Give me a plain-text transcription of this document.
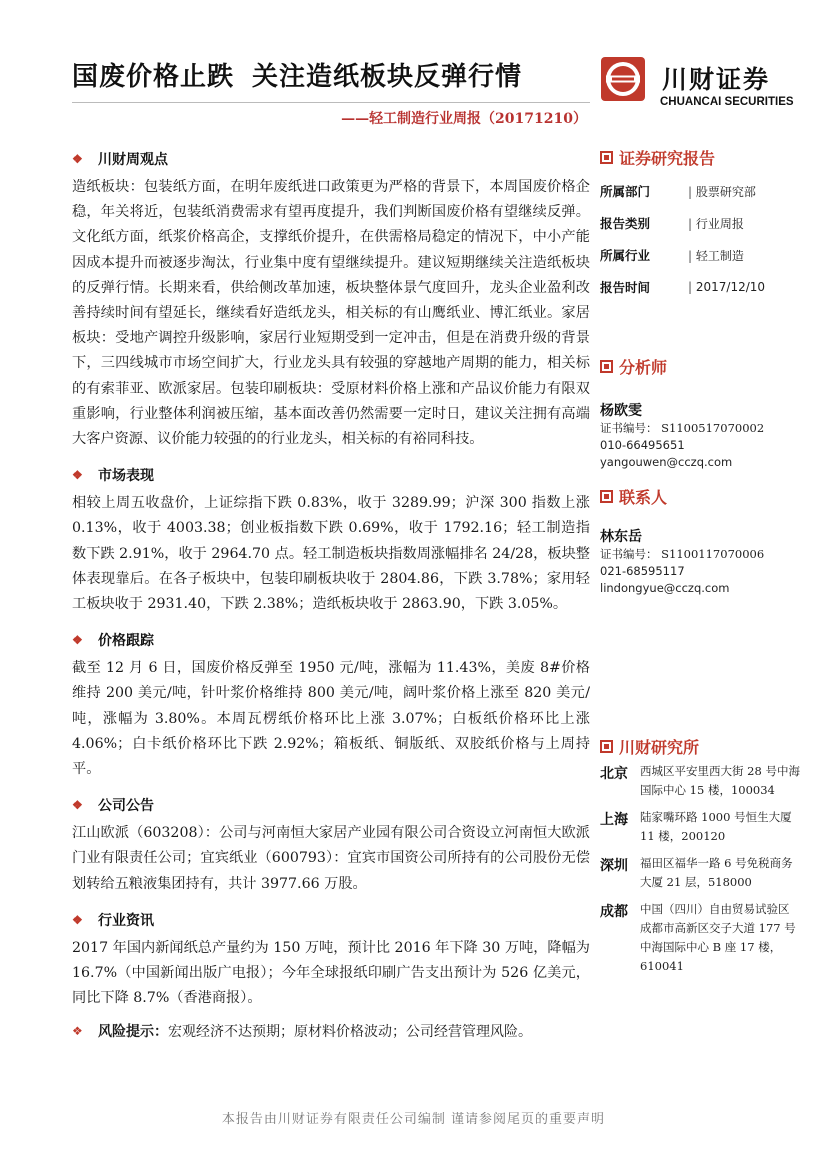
国废价格止跌 关注造纸板块反弹行情
——轻工制造行业周报（20171210）
川财证券
CHUANCAI SECURITIES
❖	川财周观点

造纸板块：包装纸方面，在明年废纸进口政策更为严格的背景下，本周国废价格企稳，年关将近，包装纸消费需求有望再度提升，我们判断国废价格有望继续反弹。文化纸方面，纸浆价格高企，支撑纸价提升，在供需格局稳定的情况下，中小产能因成本提升而被逐步淘汰，行业集中度有望继续提升。建议短期继续关注造纸板块的反弹行情。长期来看，供给侧改革加速，板块整体景气度回升，龙头企业盈利改善持续时间有望延长，继续看好造纸龙头，相关标的有山鹰纸业、博汇纸业。家居板块：受地产调控升级影响，家居行业短期受到一定冲击，但是在消费升级的背景下，三四线城市市场空间扩大，行业龙头具有较强的穿越地产周期的能力，相关标的有索菲亚、欧派家居。包装印刷板块：受原材料价格上涨和产品议价能力有限双重影响，行业整体利润被压缩，基本面改善仍然需要一定时日，建议关注拥有高端大客户资源、议价能力较强的的行业龙头，相关标的有裕同科技。

❖	市场表现

相较上周五收盘价，上证综指下跌 0.83%，收于 3289.99；沪深 300 指数上涨 0.13%，收于 4003.38；创业板指数下跌 0.69%，收于 1792.16；轻工制造指数下跌 2.91%，收于 2964.70 点。轻工制造板块指数周涨幅排名 24/28，板块整体表现靠后。在各子板块中，包装印刷板块收于 2804.86，下跌 3.78%；家用轻工板块收于 2931.40，下跌 2.38%；造纸板块收于 2863.90，下跌 3.05%。

❖	价格跟踪

截至 12 月 6 日，国废价格反弹至 1950 元/吨，涨幅为 11.43%，美废 8#价格维持 200 美元/吨，针叶浆价格维持 800 美元/吨，阔叶浆价格上涨至 820 美元/吨，涨幅为 3.80%。本周瓦楞纸价格环比上涨 3.07%；白板纸价格环比上涨 4.06%；白卡纸价格环比下跌 2.92%；箱板纸、铜版纸、双胶纸价格与上周持平。

❖	公司公告

江山欧派（603208）：公司与河南恒大家居产业园有限公司合资设立河南恒大欧派门业有限责任公司；宜宾纸业（600793）：宜宾市国资公司所持有的公司股份无偿划转给五粮液集团持有，共计 3977.66 万股。

❖	行业资讯

2017 年国内新闻纸总产量约为 150 万吨，预计比 2016 年下降 30 万吨，降幅为 16.7%（中国新闻出版广电报）；今年全球报纸印刷广告支出预计为 526 亿美元，同比下降 8.7%（香港商报）。

❖	风险提示： 宏观经济不达预期；原材料价格波动；公司经营管理风险。
证券研究报告
所属部门	| 股票研究部
报告类别	| 行业周报
所属行业	| 轻工制造
报告时间	| 2017/12/10
分析师
杨欧雯
证书编号： S1100517070002
010-66495651
yangouwen@cczq.com
联系人
林东岳
证书编号： S1100117070006
021-68595117
lindongyue@cczq.com
川财研究所
北京	西城区平安里西大街 28 号中海国际中心 15 楼，100034
上海	陆家嘴环路 1000 号恒生大厦 11 楼，200120
深圳	福田区福华一路 6 号免税商务大厦 21 层，518000
成都	中国（四川）自由贸易试验区成都市高新区交子大道 177 号中海国际中心 B 座 17 楼，610041
本报告由川财证券有限责任公司编制 谨请参阅尾页的重要声明
